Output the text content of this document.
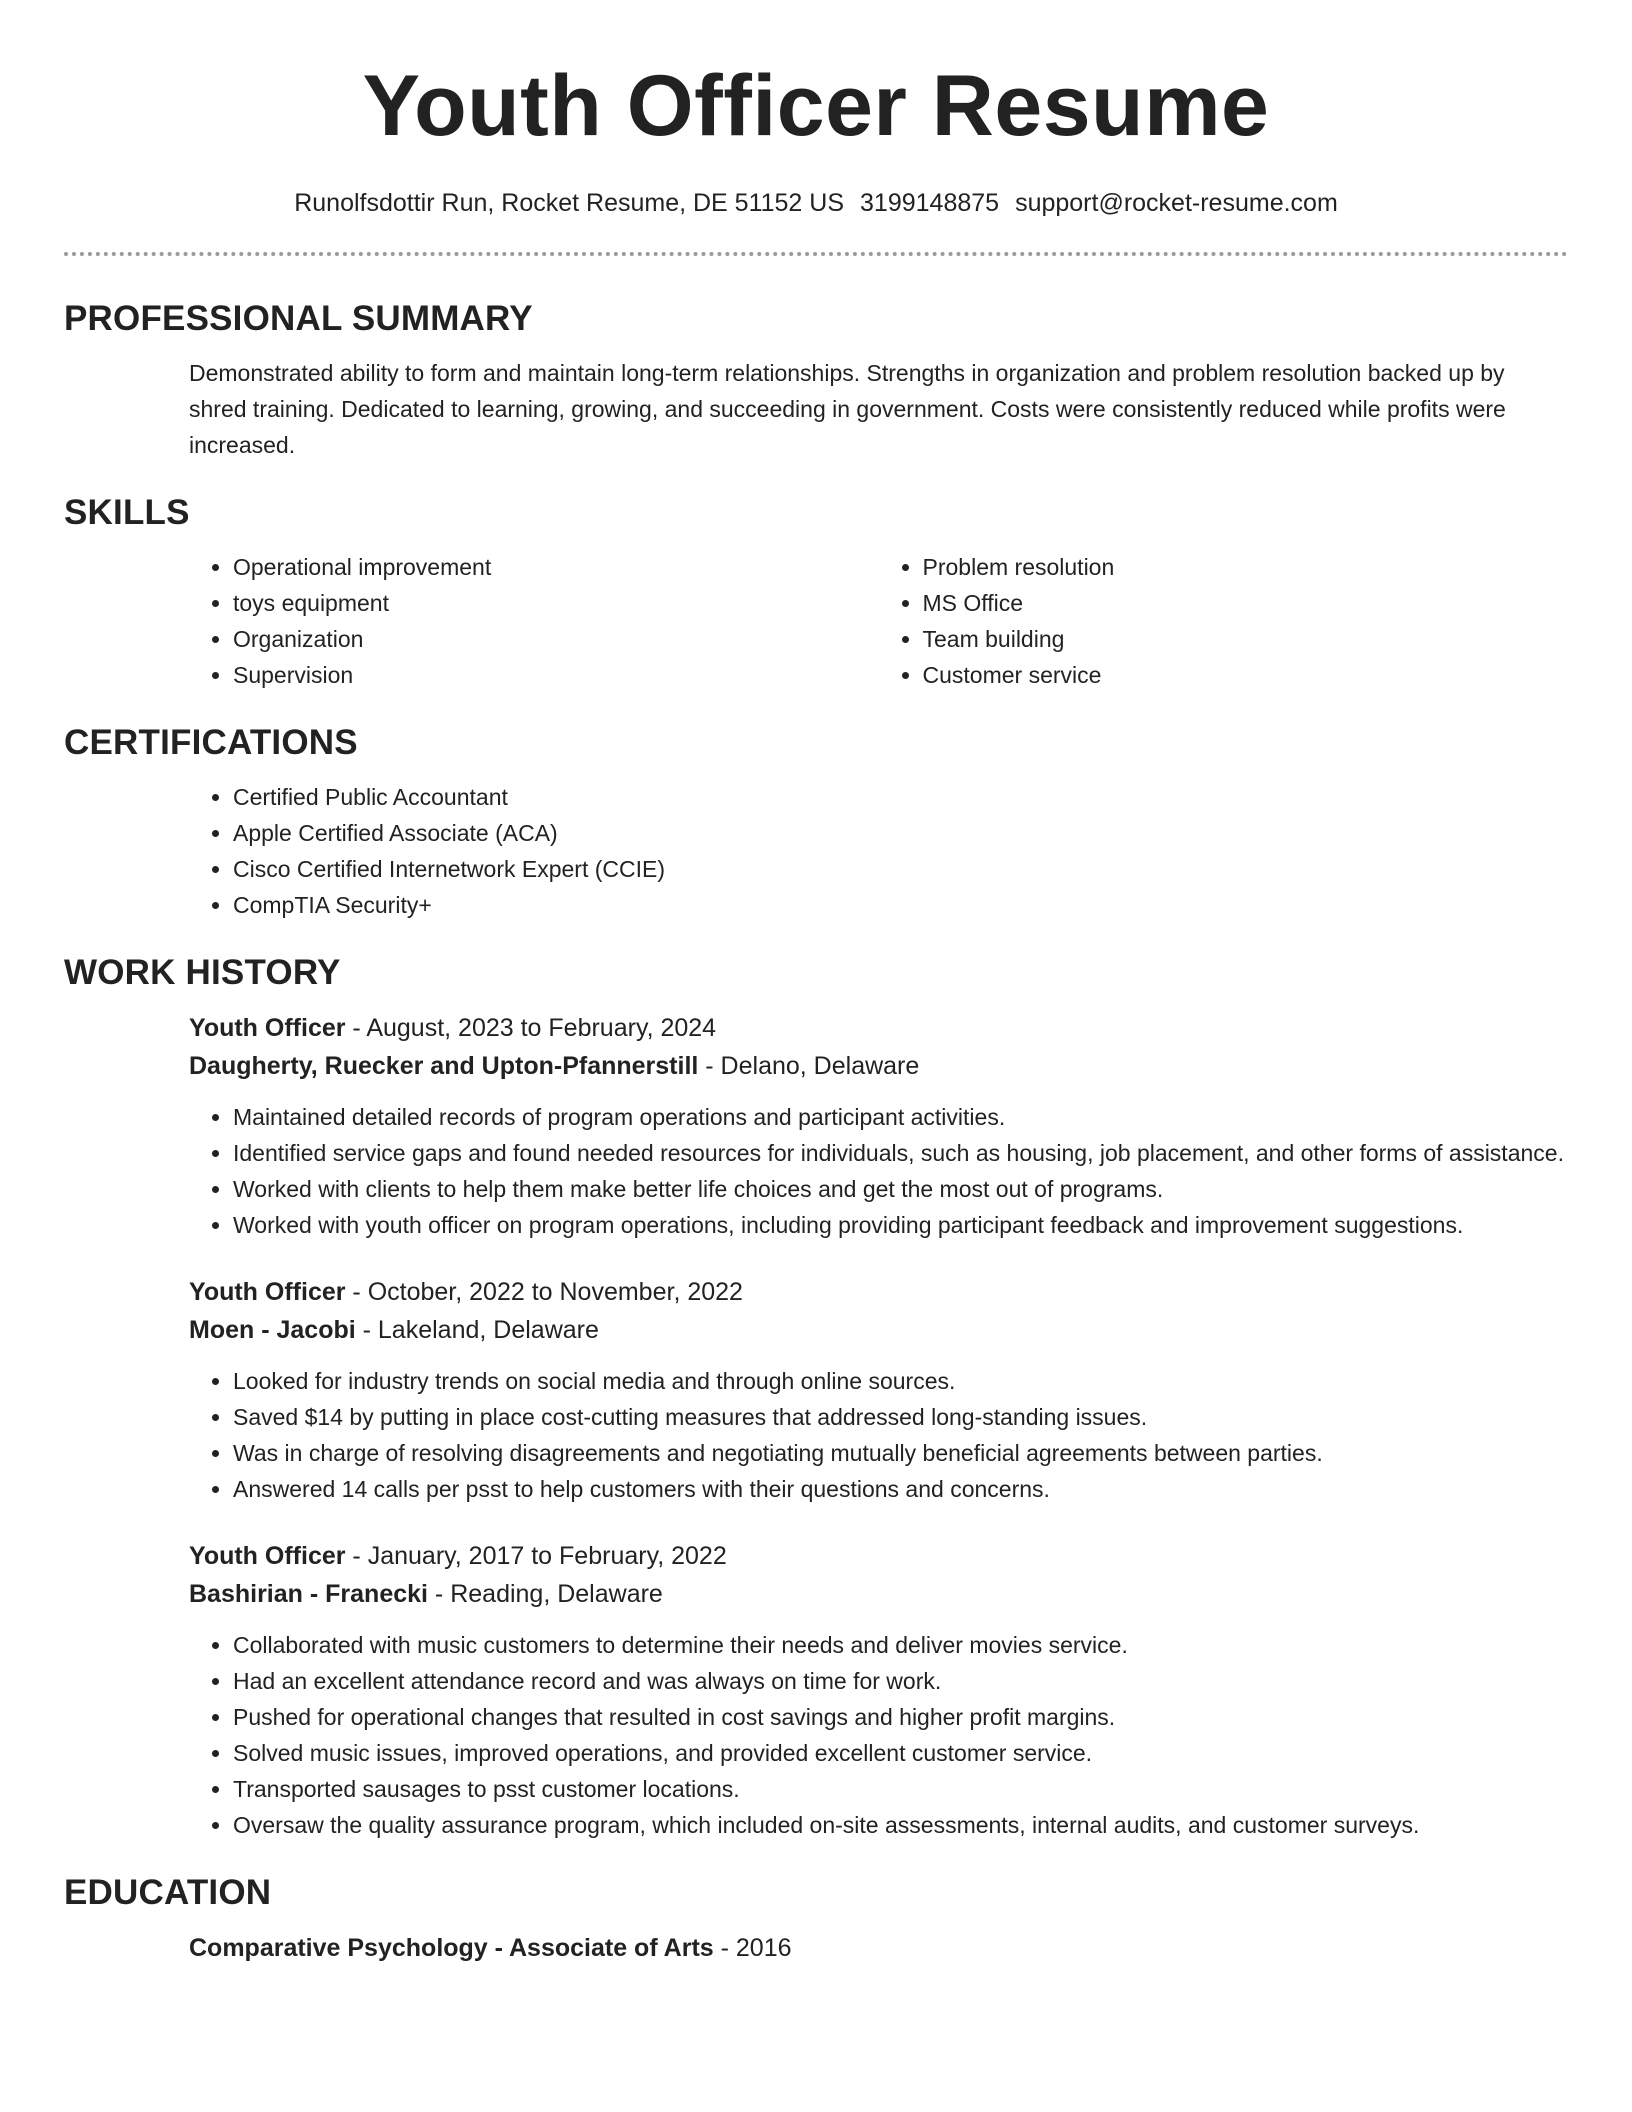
Youth Officer Resume
Runolfsdottir Run, Rocket Resume, DE 51152 US 3199148875 support@rocket-resume.com
PROFESSIONAL SUMMARY
Demonstrated ability to form and maintain long-term relationships. Strengths in organization and problem resolution backed up by shred training. Dedicated to learning, growing, and succeeding in government. Costs were consistently reduced while profits were increased.
SKILLS
• Operational improvement
• toys equipment
• Organization
• Supervision
• Problem resolution
• MS Office
• Team building
• Customer service
CERTIFICATIONS
• Certified Public Accountant
• Apple Certified Associate (ACA)
• Cisco Certified Internetwork Expert (CCIE)
• CompTIA Security+
WORK HISTORY
Youth Officer - August, 2023 to February, 2024
Daugherty, Ruecker and Upton-Pfannerstill - Delano, Delaware
• Maintained detailed records of program operations and participant activities.
• Identified service gaps and found needed resources for individuals, such as housing, job placement, and other forms of assistance.
• Worked with clients to help them make better life choices and get the most out of programs.
• Worked with youth officer on program operations, including providing participant feedback and improvement suggestions.
Youth Officer - October, 2022 to November, 2022
Moen - Jacobi - Lakeland, Delaware
• Looked for industry trends on social media and through online sources.
• Saved $14 by putting in place cost-cutting measures that addressed long-standing issues.
• Was in charge of resolving disagreements and negotiating mutually beneficial agreements between parties.
• Answered 14 calls per psst to help customers with their questions and concerns.
Youth Officer - January, 2017 to February, 2022
Bashirian - Franecki - Reading, Delaware
• Collaborated with music customers to determine their needs and deliver movies service.
• Had an excellent attendance record and was always on time for work.
• Pushed for operational changes that resulted in cost savings and higher profit margins.
• Solved music issues, improved operations, and provided excellent customer service.
• Transported sausages to psst customer locations.
• Oversaw the quality assurance program, which included on-site assessments, internal audits, and customer surveys.
EDUCATION
Comparative Psychology - Associate of Arts - 2016
